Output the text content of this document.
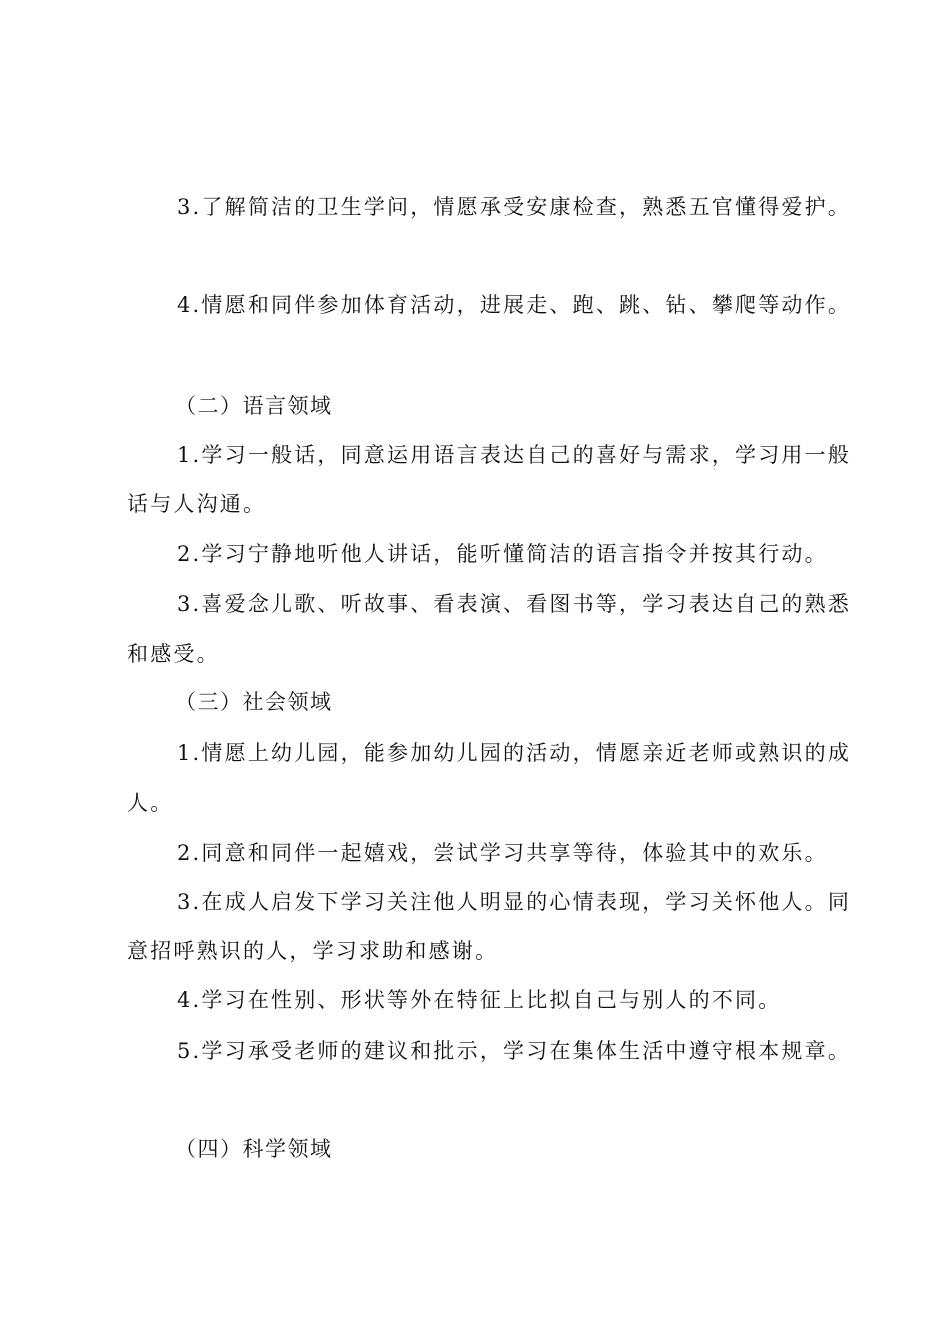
3.了解简洁的卫生学问，情愿承受安康检查，熟悉五官懂得爱护。
4.情愿和同伴参加体育活动，进展走、跑、跳、钻、攀爬等动作。
（二）语言领域
1.学习一般话，同意运用语言表达自己的喜好与需求，学习用一般
话与人沟通。
2.学习宁静地听他人讲话，能听懂简洁的语言指令并按其行动。
3.喜爱念儿歌、听故事、看表演、看图书等，学习表达自己的熟悉
和感受。
（三）社会领域
1.情愿上幼儿园，能参加幼儿园的活动，情愿亲近老师或熟识的成
人。
2.同意和同伴一起嬉戏，尝试学习共享等待，体验其中的欢乐。
3.在成人启发下学习关注他人明显的心情表现，学习关怀他人。同
意招呼熟识的人，学习求助和感谢。
4.学习在性别、形状等外在特征上比拟自己与别人的不同。
5.学习承受老师的建议和批示，学习在集体生活中遵守根本规章。
（四）科学领域
